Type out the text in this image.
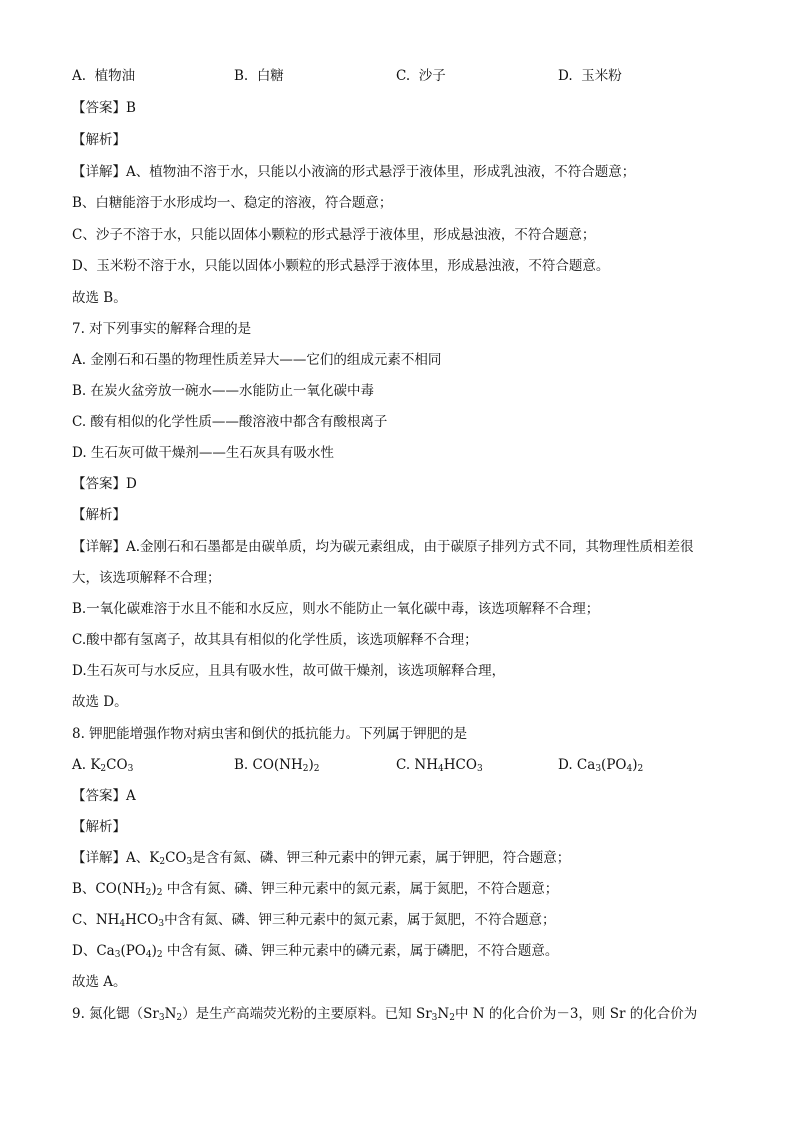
A. 植物油	B. 白糖	C. 沙子	D. 玉米粉
【答案】B
【解析】
【详解】A、植物油不溶于水，只能以小液滴的形式悬浮于液体里，形成乳浊液，不符合题意；
B、白糖能溶于水形成均一、稳定的溶液，符合题意；
C、沙子不溶于水，只能以固体小颗粒的形式悬浮于液体里，形成悬浊液，不符合题意；
D、玉米粉不溶于水，只能以固体小颗粒的形式悬浮于液体里，形成悬浊液，不符合题意。
故选 B。
7. 对下列事实的解释合理的是
A. 金刚石和石墨的物理性质差异大——它们的组成元素不相同
B. 在炭火盆旁放一碗水——水能防止一氧化碳中毒
C. 酸有相似的化学性质——酸溶液中都含有酸根离子
D. 生石灰可做干燥剂——生石灰具有吸水性
【答案】D
【解析】
【详解】A.金刚石和石墨都是由碳单质，均为碳元素组成，由于碳原子排列方式不同，其物理性质相差很
大，该选项解释不合理；
B.一氧化碳难溶于水且不能和水反应，则水不能防止一氧化碳中毒，该选项解释不合理；
C.酸中都有氢离子，故其具有相似的化学性质，该选项解释不合理；
D.生石灰可与水反应，且具有吸水性，故可做干燥剂，该选项解释合理，
故选 D。
8. 钾肥能增强作物对病虫害和倒伏的抵抗能力。下列属于钾肥的是
A. $K_2CO_3$	B. $CO(NH_2)_2$	C. $NH_4HCO_3$	D. $Ca_3(PO_4)_2$
【答案】A
【解析】
【详解】A、$K_2CO_3$是含有氮、磷、钾三种元素中的钾元素，属于钾肥，符合题意；
B、$CO(NH_2)_2$ 中含有氮、磷、钾三种元素中的氮元素，属于氮肥，不符合题意；
C、$NH_4HCO_3$中含有氮、磷、钾三种元素中的氮元素，属于氮肥，不符合题意；
D、$Ca_3(PO_4)_2$ 中含有氮、磷、钾三种元素中的磷元素，属于磷肥，不符合题意。
故选 A。
9. 氮化锶$(Sr_3N_2)$是生产高端荧光粉的主要原料。已知 $Sr_3N_2$中 N 的化合价为－3，则 Sr 的化合价为
